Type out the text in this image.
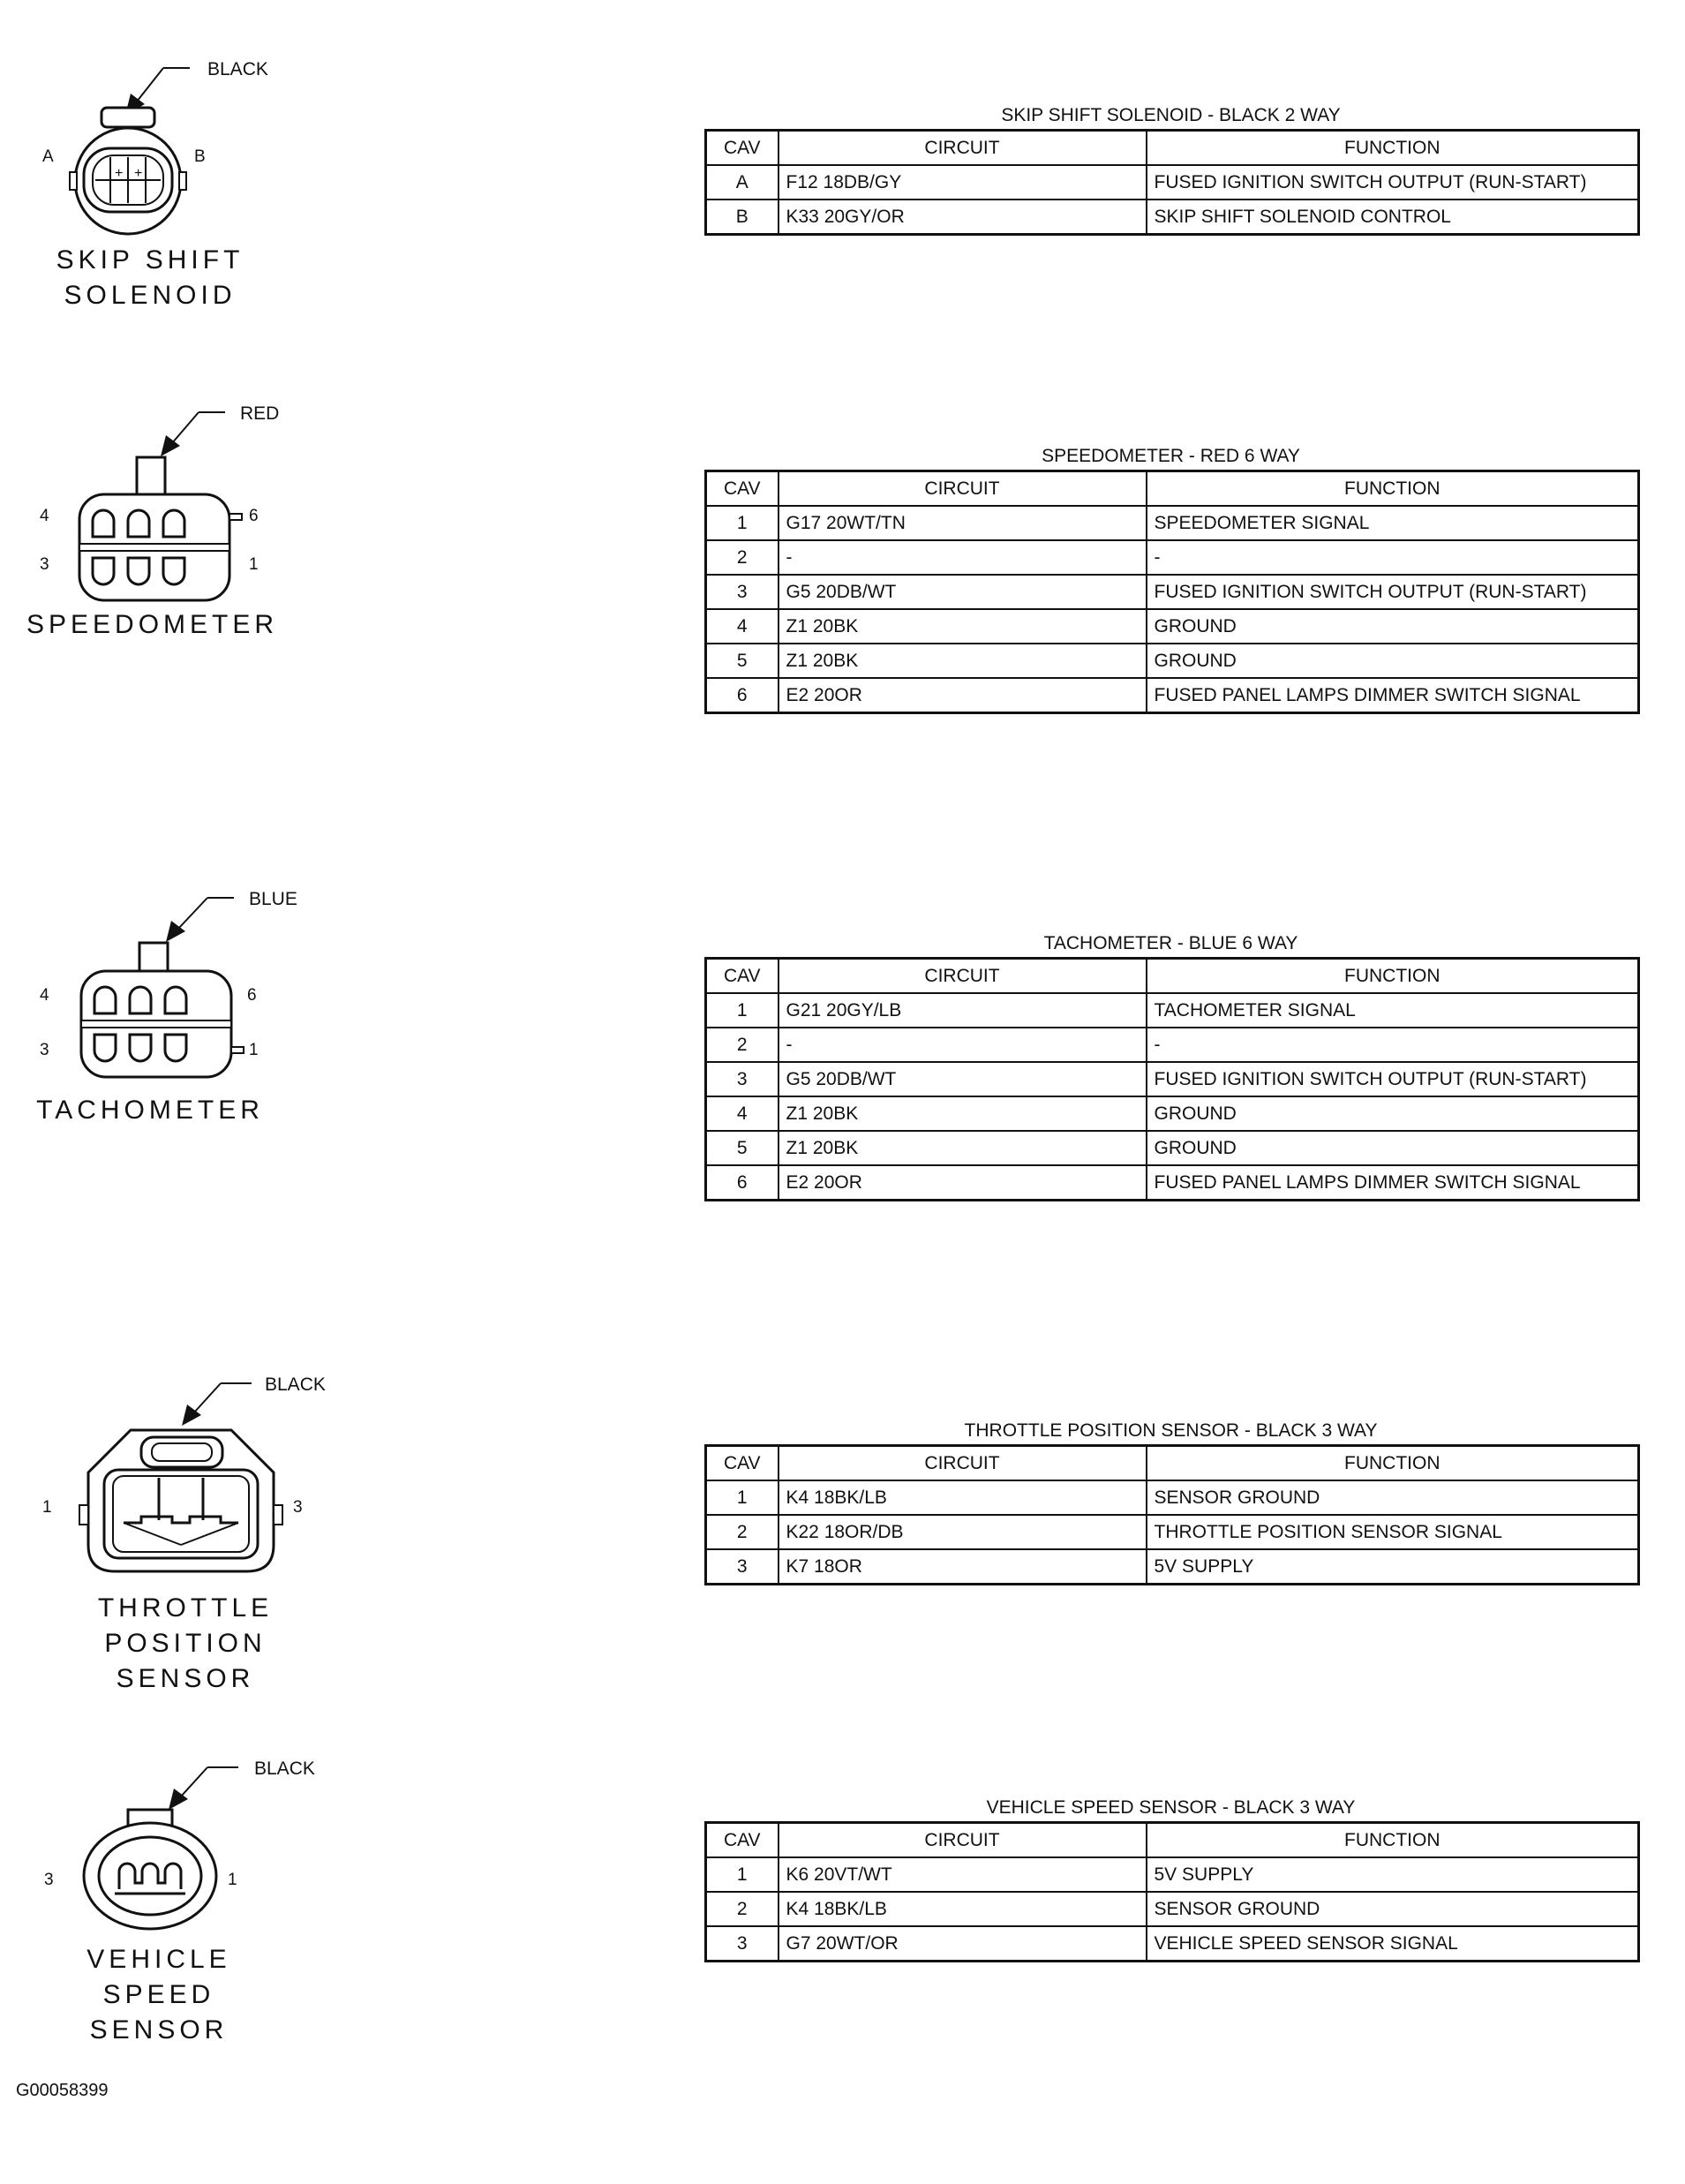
BLACK
+ +
A	B
SKIP SHIFT
SOLENOID
RED
4	6
3	1
SPEEDOMETER
BLUE
4	6
3	1
TACHOMETER
BLACK
1	3
THROTTLE
POSITION
SENSOR
BLACK
3	1
VEHICLE
SPEED
SENSOR
SKIP SHIFT SOLENOID - BLACK 2 WAY
CAV	CIRCUIT	FUNCTION
A	F12 18DB/GY	FUSED IGNITION SWITCH OUTPUT (RUN-START)
B	K33 20GY/OR	SKIP SHIFT SOLENOID CONTROL
SPEEDOMETER - RED 6 WAY
CAV	CIRCUIT	FUNCTION
1	G17 20WT/TN	SPEEDOMETER SIGNAL
2	-	-
3	G5 20DB/WT	FUSED IGNITION SWITCH OUTPUT (RUN-START)
4	Z1 20BK	GROUND
5	Z1 20BK	GROUND
6	E2 20OR	FUSED PANEL LAMPS DIMMER SWITCH SIGNAL
TACHOMETER - BLUE 6 WAY
CAV	CIRCUIT	FUNCTION
1	G21 20GY/LB	TACHOMETER SIGNAL
2	-	-
3	G5 20DB/WT	FUSED IGNITION SWITCH OUTPUT (RUN-START)
4	Z1 20BK	GROUND
5	Z1 20BK	GROUND
6	E2 20OR	FUSED PANEL LAMPS DIMMER SWITCH SIGNAL
THROTTLE POSITION SENSOR - BLACK 3 WAY
CAV	CIRCUIT	FUNCTION
1	K4 18BK/LB	SENSOR GROUND
2	K22 18OR/DB	THROTTLE POSITION SENSOR SIGNAL
3	K7 18OR	5V SUPPLY
VEHICLE SPEED SENSOR - BLACK 3 WAY
CAV	CIRCUIT	FUNCTION
1	K6 20VT/WT	5V SUPPLY
2	K4 18BK/LB	SENSOR GROUND
3	G7 20WT/OR	VEHICLE SPEED SENSOR SIGNAL
G00058399
